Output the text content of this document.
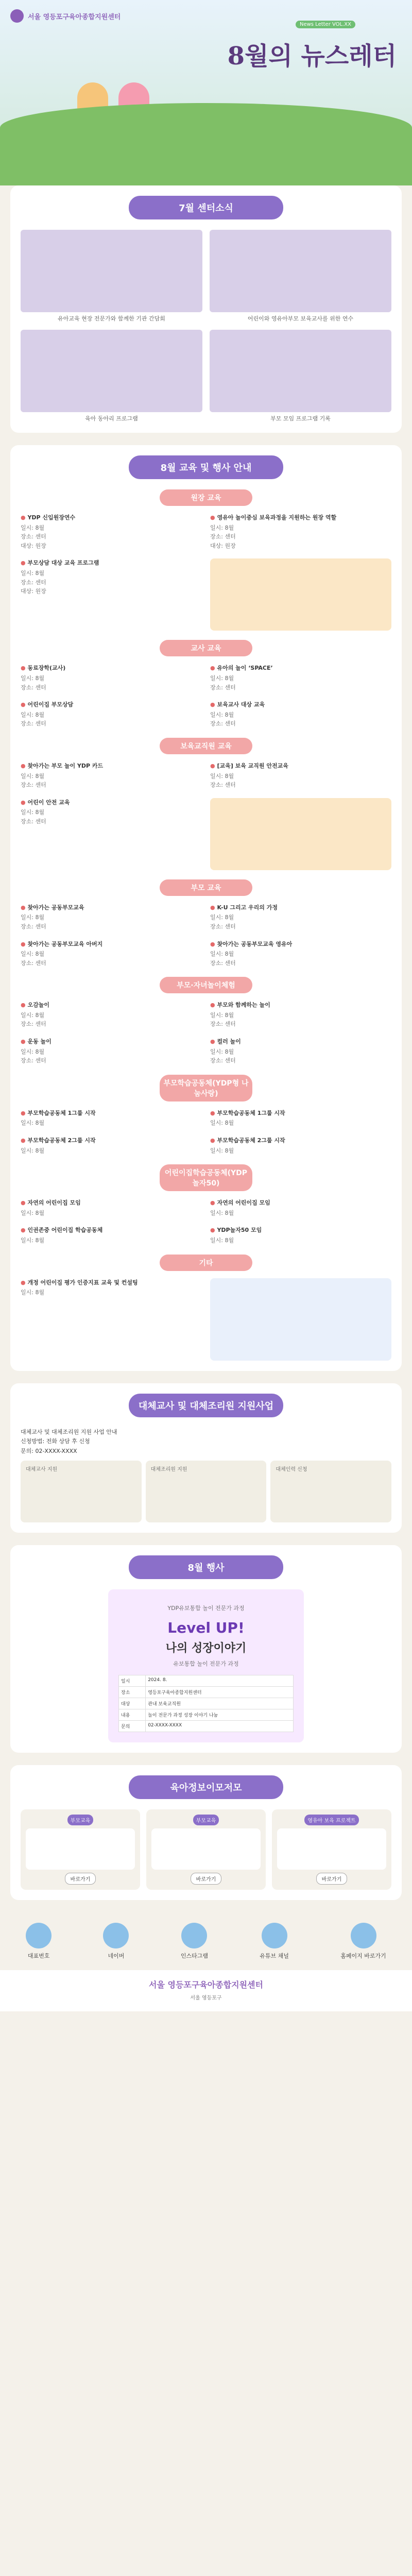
서울 영등포구육아종합지원센터
News Letter VOL.XX
8월의 뉴스레터
7월 센터소식
유아교육 현장 전문가와 함께한 기관 간담회	어린이와 영유아부모 보육교사를 위한 연수
육아 동아리 프로그램	부모 모임 프로그램 기록
8월 교육 및 행사 안내
원장 교육
● YDP 신입원장연수
일시: 8월
장소: 센터
대상: 원장
● 영유아 놀이중심 보육과정을 지원하는 원장 역할
일시: 8월
장소: 센터
대상: 원장
● 부모상담 대상 교육 프로그램
일시: 8월
장소: 센터
대상: 원장
교사 교육
● 동료장학(교사)
일시: 8월
장소: 센터
● 유아의 놀이 ‘SPACE’
일시: 8월
장소: 센터
● 어린이집 부모상담
일시: 8월
장소: 센터
● 보육교사 대상 교육
일시: 8월
장소: 센터
보육교직원 교육
● 찾아가는 부모 놀이 YDP 카드
일시: 8월
장소: 센터
● [교육] 보육 교직원 안전교육
일시: 8월
장소: 센터
● 어린이 안전 교육
일시: 8월
장소: 센터
부모 교육
● 찾아가는 공동부모교육
일시: 8월
장소: 센터
● K-U 그리고 우리의 가정
일시: 8월
장소: 센터
● 찾아가는 공동부모교육 아버지
일시: 8월
장소: 센터
● 찾아가는 공동부모교육 영유아
일시: 8월
장소: 센터
부모·자녀놀이체험
● 오감놀이
일시: 8월
장소: 센터
● 부모와 함께하는 놀이
일시: 8월
장소: 센터
● 운동 놀이
일시: 8월
장소: 센터
● 컬러 놀이
일시: 8월
장소: 센터
부모학습공동체(YDP형 나눔사랑)
● 부모학습공동체 1그룹 시작
일시: 8월
● 부모학습공동체 1그룹 시작
일시: 8월
● 부모학습공동체 2그룹 시작
일시: 8월
● 부모학습공동체 2그룹 시작
일시: 8월
어린이집학습공동체(YDP놀자50)
● 자연의 어린이집 모임
일시: 8월
● 자연의 어린이집 모임
일시: 8월
● 인권존중 어린이집 학습공동체
일시: 8월
● YDP놀자50 모임
일시: 8월
기타
● 개정 어린이집 평가 인증지표 교육 및 컨설팅
일시: 8월
대체교사 및 대체조리원 지원사업
대체교사 및 대체조리원 지원 사업 안내
신청방법: 전화 상담 후 신청
문의: 02-XXXX-XXXX
대체교사 지원	대체조리원 지원	대체인력 신청
8월 행사
YDP유보통합 놀이 전문가 과정
Level UP!
나의 성장이야기
유보통합 놀이 전문가 과정
일시	2024. 8.
장소	영등포구육아종합지원센터
대상	관내 보육교직원
내용	놀이 전문가 과정 성장 이야기 나눔
문의	02-XXXX-XXXX
육아정보이모저모
부모교육
바로가기
부모교육
바로가기
영유아 보육 프로젝트
바로가기
대표번호	네이버	인스타그램	유튜브 채널	홈페이지 바로가기
서울 영등포구육아종합지원센터
서울 영등포구
